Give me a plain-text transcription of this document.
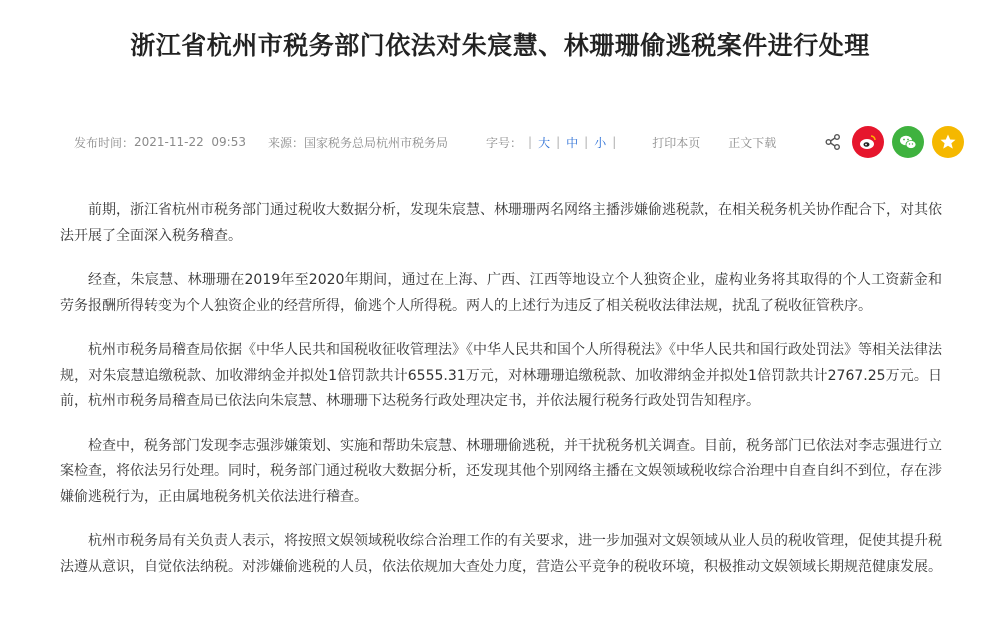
浙江省杭州市税务部门依法对朱宸慧、林珊珊偷逃税案件进行处理
发布时间： 2021-11-22  09:53 来源： 国家税务总局杭州市税务局	字号： | 大 | 中 | 小 |	打印本页 正文下载

前期，浙江省杭州市税务部门通过税收大数据分析，发现朱宸慧、林珊珊两名网络主播涉嫌偷逃税款，在相关税务机关协作配合下，对其依法开展了全面深入税务稽查。

经查，朱宸慧、林珊珊在2019年至2020年期间，通过在上海、广西、江西等地设立个人独资企业，虚构业务将其取得的个人工资薪金和劳务报酬所得转变为个人独资企业的经营所得，偷逃个人所得税。两人的上述行为违反了相关税收法律法规，扰乱了税收征管秩序。

杭州市税务局稽查局依据《中华人民共和国税收征收管理法》《中华人民共和国个人所得税法》《中华人民共和国行政处罚法》等相关法律法规，对朱宸慧追缴税款、加收滞纳金并拟处1倍罚款共计6555.31万元，对林珊珊追缴税款、加收滞纳金并拟处1倍罚款共计2767.25万元。日前，杭州市税务局稽查局已依法向朱宸慧、林珊珊下达税务行政处理决定书，并依法履行税务行政处罚告知程序。

检查中，税务部门发现李志强涉嫌策划、实施和帮助朱宸慧、林珊珊偷逃税，并干扰税务机关调查。目前，税务部门已依法对李志强进行立案检查，将依法另行处理。同时，税务部门通过税收大数据分析，还发现其他个别网络主播在文娱领域税收综合治理中自查自纠不到位，存在涉嫌偷逃税行为，正由属地税务机关依法进行稽查。

杭州市税务局有关负责人表示，将按照文娱领域税收综合治理工作的有关要求，进一步加强对文娱领域从业人员的税收管理，促使其提升税法遵从意识，自觉依法纳税。对涉嫌偷逃税的人员，依法依规加大查处力度，营造公平竞争的税收环境，积极推动文娱领域长期规范健康发展。
